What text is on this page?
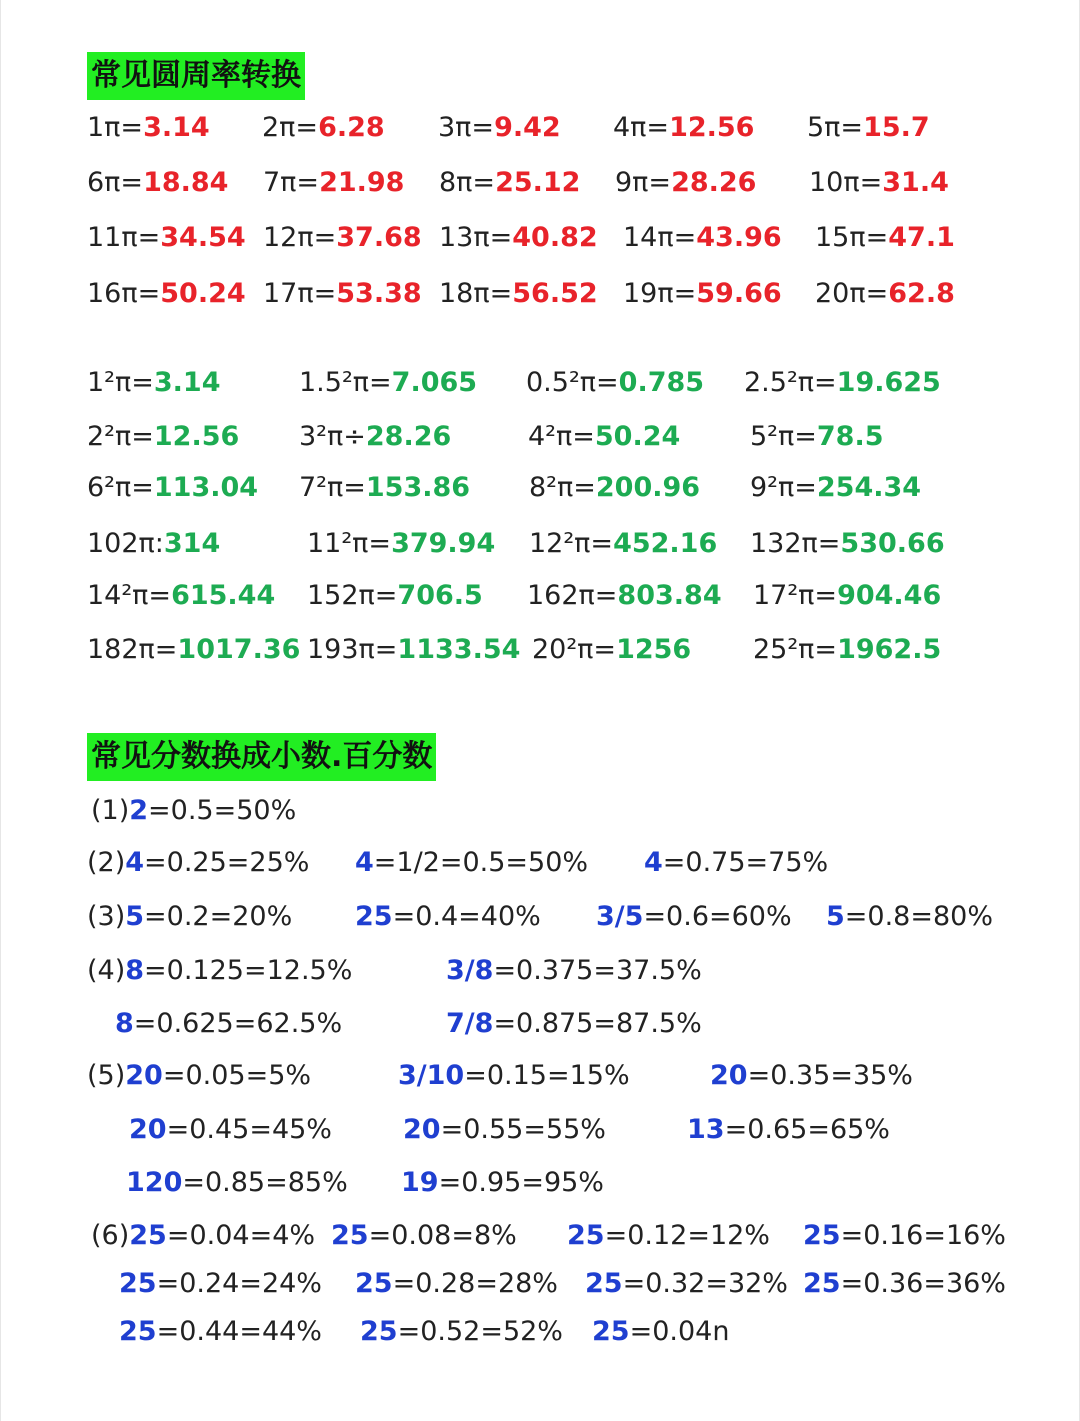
常见圆周率转换
1π=3.14 2π=6.28 3π=9.42 4π=12.56 5π=15.7
6π=18.84 7π=21.98 8π=25.12 9π=28.26 10π=31.4
11π=34.54 12π=37.68 13π=40.82 14π=43.96 15π=47.1
16π=50.24 17π=53.38 18π=56.52 19π=59.66 20π=62.8
1²π=3.14	1.5²π=7.065 0.5²π=0.785 2.5²π=19.625
2²π=12.56 3²π÷28.26	4²π=50.24	5²π=78.5
6²π=113.04 7²π=153.86 8²π=200.96 9²π=254.34
102π:314	11²π=379.94 12²π=452.16 132π=530.66
14²π=615.44 152π=706.5 162π=803.84 17²π=904.46
182π=1017.36 193π=1133.54 20²π=1256 25²π=1962.5
常见分数换成小数.百分数
(1)2=0.5=50%
(2)4=0.25=25% 4=1/2=0.5=50% 4=0.75=75%
(3)5=0.2=20% 25=0.4=40% 3/5=0.6=60% 5=0.8=80%
(4)8=0.125=12.5%	3/8=0.375=37.5%
8=0.625=62.5%	7/8=0.875=87.5%
(5)20=0.05=5%	3/10=0.15=15%	20=0.35=35%
20=0.45=45%	20=0.55=55%	13=0.65=65%
120=0.85=85% 19=0.95=95%
(6)25=0.04=4% 25=0.08=8% 25=0.12=12% 25=0.16=16%
25=0.24=24% 25=0.28=28% 25=0.32=32% 25=0.36=36%
25=0.44=44% 25=0.52=52% 25=0.04n
